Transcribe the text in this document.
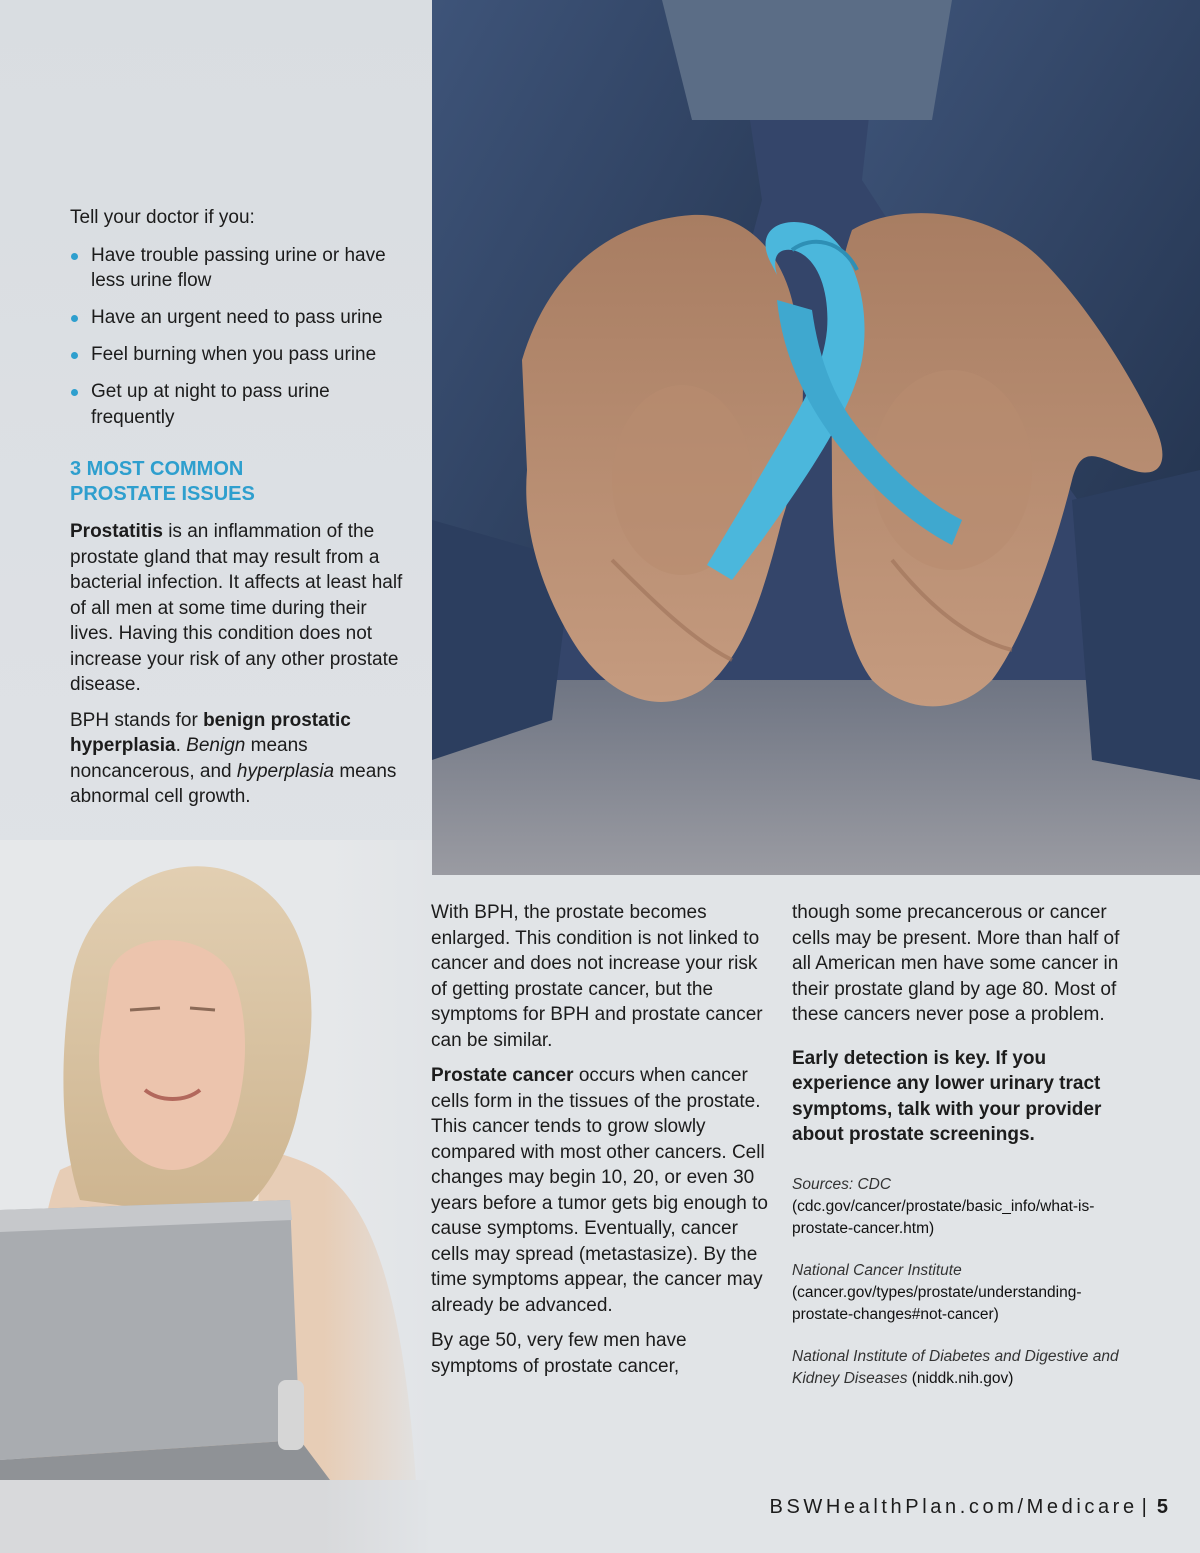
Tell your doctor if you:

Have trouble passing urine or have less urine flow
Have an urgent need to pass urine
Feel burning when you pass urine
Get up at night to pass urine frequently
3 MOST COMMON PROSTATE ISSUES

Prostatitis is an inflammation of the prostate gland that may result from a bacterial infection. It affects at least half of all men at some time during their lives. Having this condition does not increase your risk of any other prostate disease.

BPH stands for benign prostatic hyperplasia. Benign means noncancerous, and hyperplasia means abnormal cell growth.

With BPH, the prostate becomes enlarged. This condition is not linked to cancer and does not increase your risk of getting prostate cancer, but the symptoms for BPH and prostate cancer can be similar.

Prostate cancer occurs when cancer cells form in the tissues of the prostate. This cancer tends to grow slowly compared with most other cancers. Cell changes may begin 10, 20, or even 30 years before a tumor gets big enough to cause symptoms. Eventually, cancer cells may spread (metastasize). By the time symptoms appear, the cancer may already be advanced.

By age 50, very few men have symptoms of prostate cancer,

though some precancerous or cancer cells may be present. More than half of all American men have some cancer in their prostate gland by age 80. Most of these cancers never pose a problem.

Early detection is key. If you experience any lower urinary tract symptoms, talk with your provider about prostate screenings.

Sources: CDC (cdc.gov/cancer/prostate/basic_info/what-is-prostate-cancer.htm)

National Cancer Institute (cancer.gov/types/prostate/understanding-prostate-changes#not-cancer)

National Institute of Diabetes and Digestive and Kidney Diseases (niddk.nih.gov)

BSWHealthPlan.com/Medicare | 5
